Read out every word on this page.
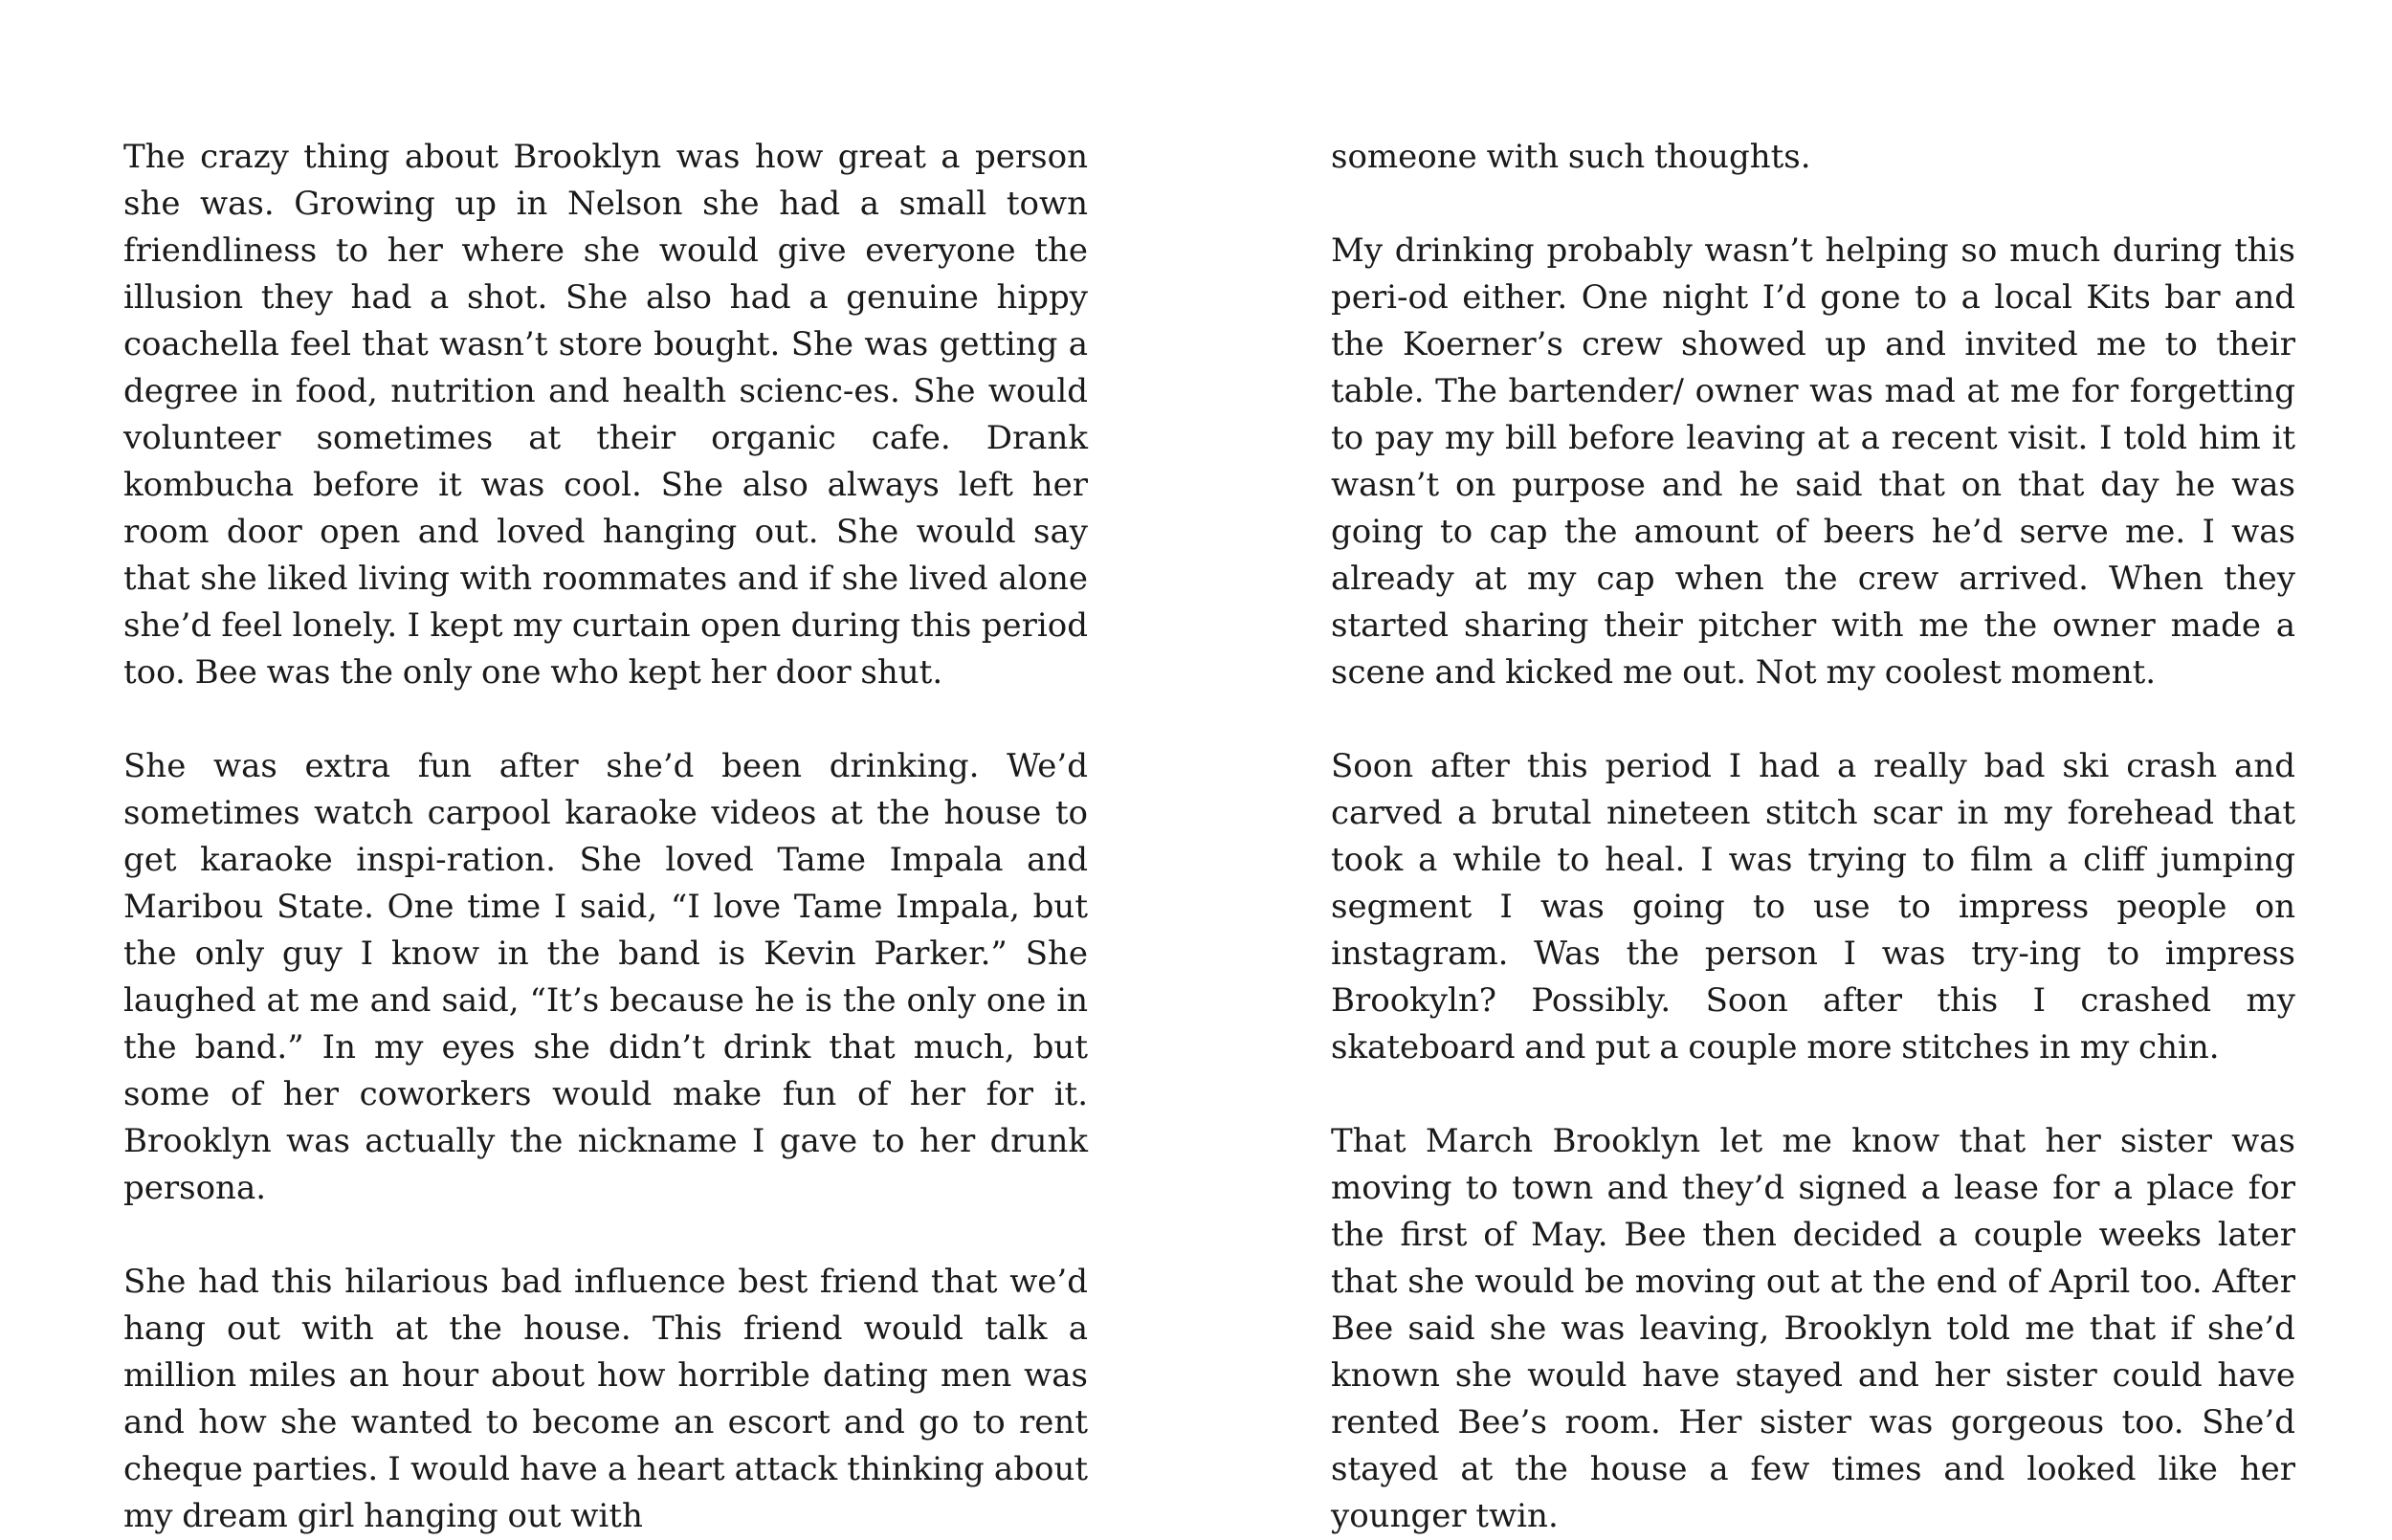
The crazy thing about Brooklyn was how great a person she was. Growing up in Nelson she had a small town friendliness to her where she would give everyone the illusion they had a shot. She also had a genuine hippy coachella feel that wasn’t store bought. She was getting a degree in food, nutrition and health scienc-es. She would volunteer sometimes at their organic cafe. Drank kombucha before it was cool. She also always left her room door open and loved hanging out. She would say that she liked living with roommates and if she lived alone she’d feel lonely. I kept my curtain open during this period too. Bee was the only one who kept her door shut.

She was extra fun after she’d been drinking. We’d sometimes watch carpool karaoke videos at the house to get karaoke inspi-ration. She loved Tame Impala and Maribou State. One time I said, “I love Tame Impala, but the only guy I know in the band is Kevin Parker.” She laughed at me and said, “It’s because he is the only one in the band.” In my eyes she didn’t drink that much, but some of her coworkers would make fun of her for it. Brooklyn was actually the nickname I gave to her drunk persona.

She had this hilarious bad influence best friend that we’d hang out with at the house. This friend would talk a million miles an hour about how horrible dating men was and how she wanted to become an escort and go to rent cheque parties. I would have a heart attack thinking about my dream girl hanging out with

someone with such thoughts.

My drinking probably wasn’t helping so much during this peri-od either. One night I’d gone to a local Kits bar and the Koerner’s crew showed up and invited me to their table. The bartender/ owner was mad at me for forgetting to pay my bill before leaving at a recent visit. I told him it wasn’t on purpose and he said that on that day he was going to cap the amount of beers he’d serve me. I was already at my cap when the crew arrived. When they started sharing their pitcher with me the owner made a scene and kicked me out. Not my coolest moment.

Soon after this period I had a really bad ski crash and carved a brutal nineteen stitch scar in my forehead that took a while to heal. I was trying to film a cliff jumping segment I was going to use to impress people on instagram. Was the person I was try-ing to impress Brookyln? Possibly. Soon after this I crashed my skateboard and put a couple more stitches in my chin.

That March Brooklyn let me know that her sister was moving to town and they’d signed a lease for a place for the first of May. Bee then decided a couple weeks later that she would be moving out at the end of April too. After Bee said she was leaving, Brooklyn told me that if she’d known she would have stayed and her sister could have rented Bee’s room. Her sister was gorgeous too. She’d stayed at the house a few times and looked like her younger twin.
